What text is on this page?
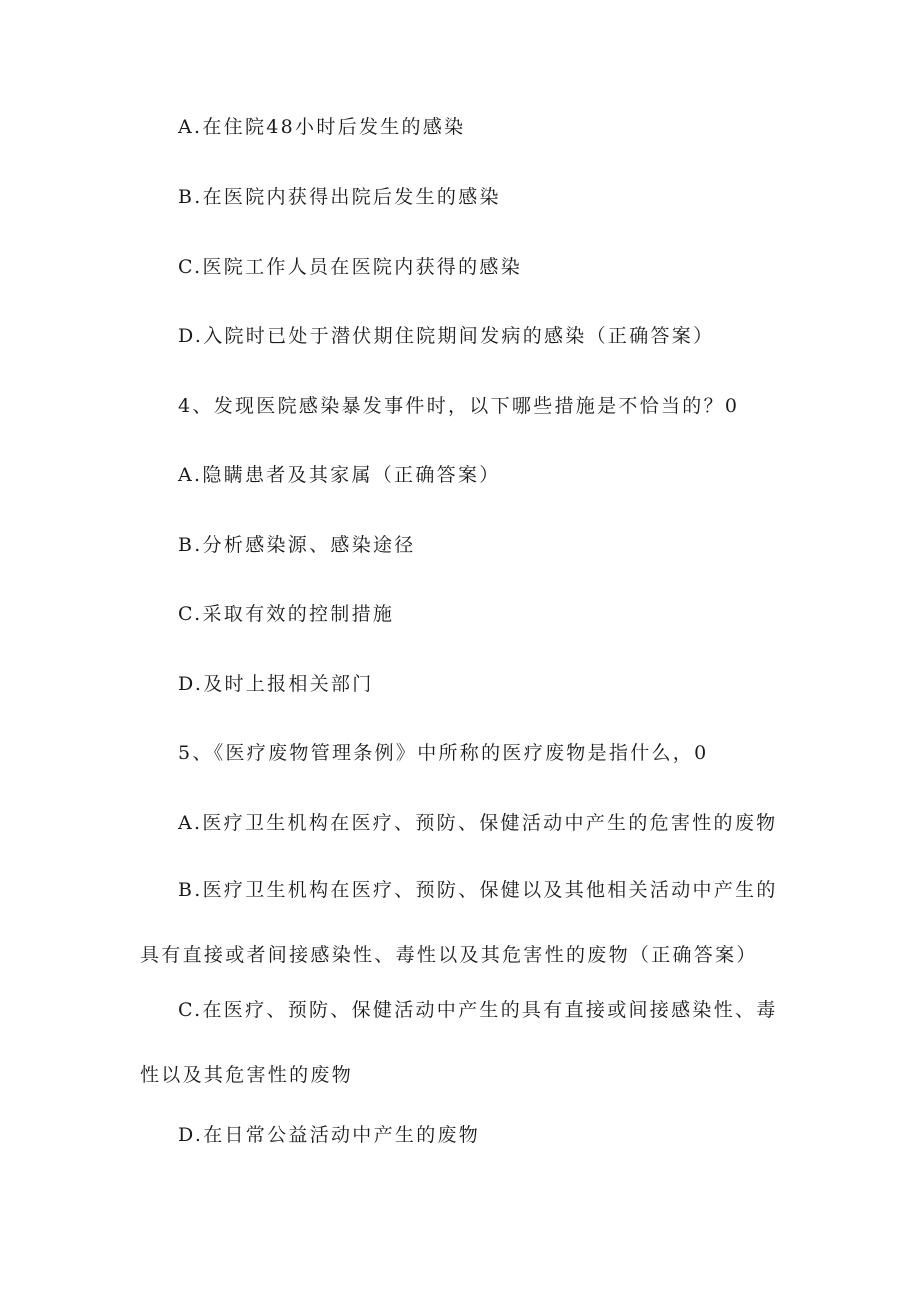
A.在住院48小时后发生的感染
B.在医院内获得出院后发生的感染
C.医院工作人员在医院内获得的感染
D.入院时已处于潜伏期住院期间发病的感染（正确答案）
4、发现医院感染暴发事件时，以下哪些措施是不恰当的？0
A.隐瞒患者及其家属（正确答案）
B.分析感染源、感染途径
C.采取有效的控制措施
D.及时上报相关部门
5、《医疗废物管理条例》中所称的医疗废物是指什么，0
A.医疗卫生机构在医疗、预防、保健活动中产生的危害性的废物

B.医疗卫生机构在医疗、预防、保健以及其他相关活动中产生的具有直接或者间接感染性、毒性以及其危害性的废物（正确答案）

C.在医疗、预防、保健活动中产生的具有直接或间接感染性、毒性以及其危害性的废物

D.在日常公益活动中产生的废物
